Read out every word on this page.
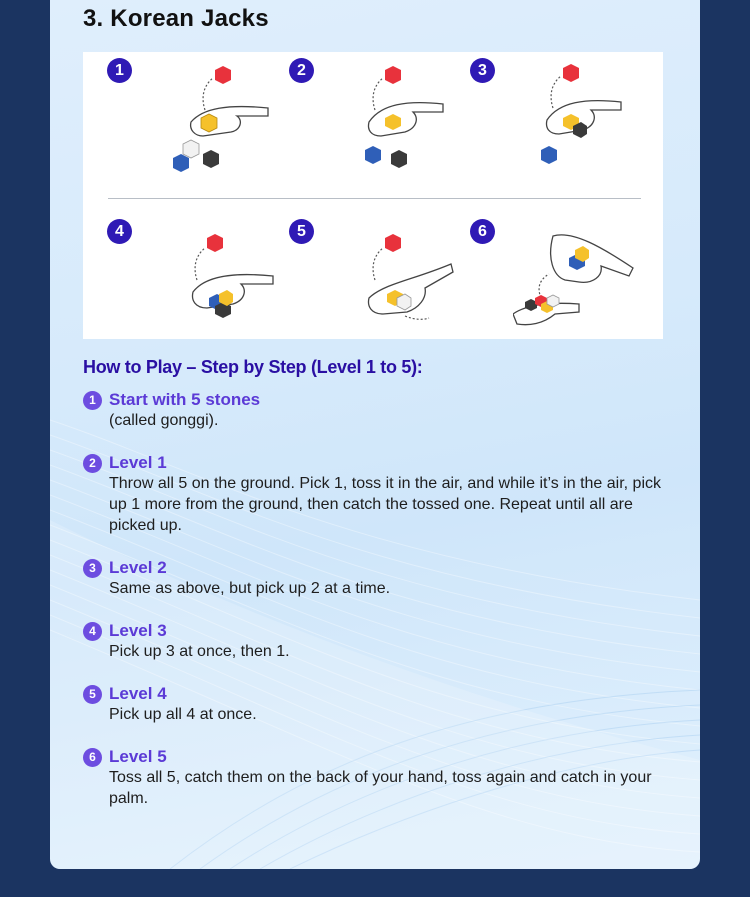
3. Korean Jacks
1	2	3
4	5	6
How to Play – Step by Step (Level 1 to 5):
1 Start with 5 stones

(called gonggi).

2 Level 1

Throw all 5 on the ground. Pick 1, toss it in the air, and while it’s in the air, pick up 1 more from the ground, then catch the tossed one. Repeat until all are picked up.

3 Level 2

Same as above, but pick up 2 at a time.

4 Level 3

Pick up 3 at once, then 1.

5 Level 4

Pick up all 4 at once.

6 Level 5

Toss all 5, catch them on the back of your hand, toss again and catch in your palm.
